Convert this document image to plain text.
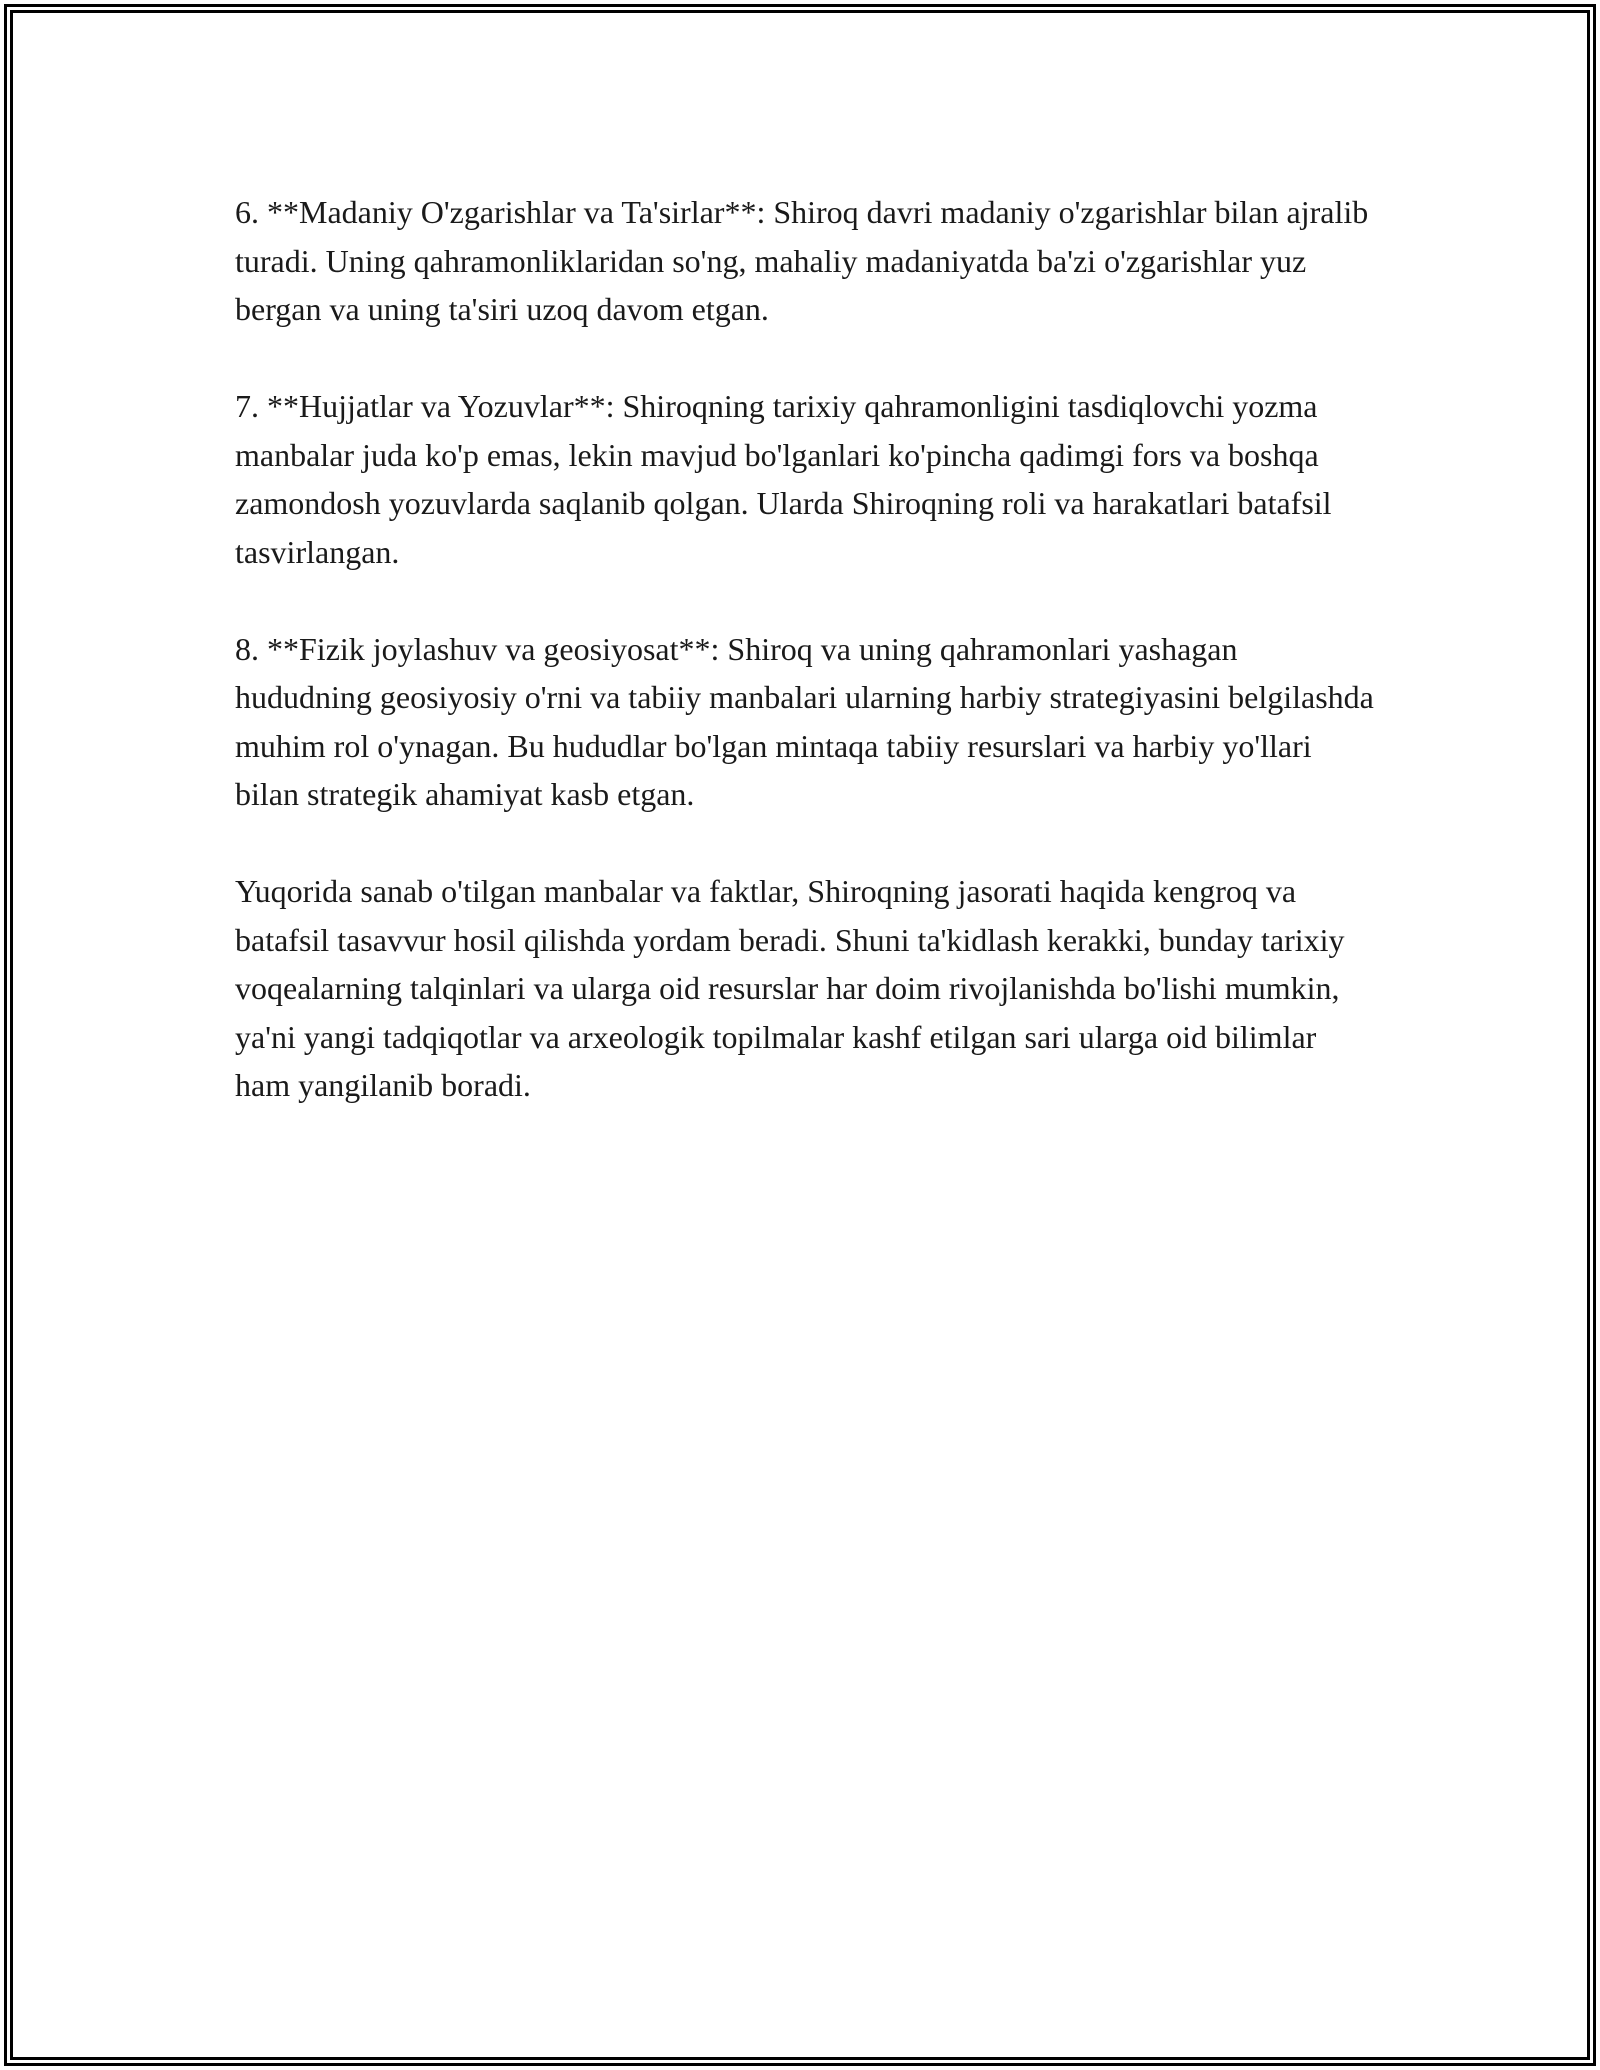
6. **Madaniy O'zgarishlar va Ta'sirlar**: Shiroq davri madaniy o'zgarishlar bilan ajralib turadi. Uning qahramonliklaridan so'ng, mahaliy madaniyatda ba'zi o'zgarishlar yuz bergan va uning ta'siri uzoq davom etgan.

7. **Hujjatlar va Yozuvlar**: Shiroqning tarixiy qahramonligini tasdiqlovchi yozma manbalar juda ko'p emas, lekin mavjud bo'lganlari ko'pincha qadimgi fors va boshqa zamondosh yozuvlarda saqlanib qolgan. Ularda Shiroqning roli va harakatlari batafsil tasvirlangan.

8. **Fizik joylashuv va geosiyosat**: Shiroq va uning qahramonlari yashagan hududning geosiyosiy o'rni va tabiiy manbalari ularning harbiy strategiyasini belgilashda muhim rol o'ynagan. Bu hududlar bo'lgan mintaqa tabiiy resurslari va harbiy yo'llari bilan strategik ahamiyat kasb etgan.

Yuqorida sanab o'tilgan manbalar va faktlar, Shiroqning jasorati haqida kengroq va batafsil tasavvur hosil qilishda yordam beradi. Shuni ta'kidlash kerakki, bunday tarixiy voqealarning talqinlari va ularga oid resurslar har doim rivojlanishda bo'lishi mumkin, ya'ni yangi tadqiqotlar va arxeologik topilmalar kashf etilgan sari ularga oid bilimlar ham yangilanib boradi.
